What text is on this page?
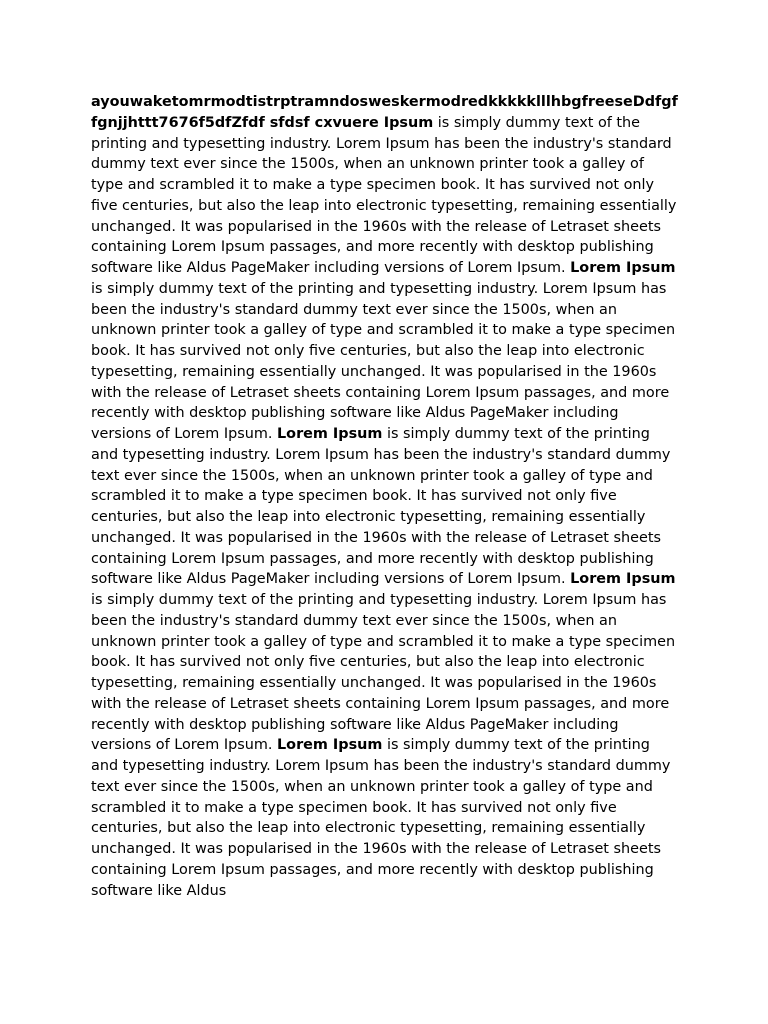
ayouwaketomrmodtistrptramndosweskermodredkkkkklllhbgfreeseDdfgffgnjjhttt7676f5dfZfdf sfdsf cxvuere Ipsum is simply dummy text of the printing and typesetting industry. Lorem Ipsum has been the industry's standard dummy text ever since the 1500s, when an unknown printer took a galley of type and scrambled it to make a type specimen book. It has survived not only five centuries, but also the leap into electronic typesetting, remaining essentially unchanged. It was popularised in the 1960s with the release of Letraset sheets containing Lorem Ipsum passages, and more recently with desktop publishing software like Aldus PageMaker including versions of Lorem Ipsum. Lorem Ipsum is simply dummy text of the printing and typesetting industry. Lorem Ipsum has been the industry's standard dummy text ever since the 1500s, when an unknown printer took a galley of type and scrambled it to make a type specimen book. It has survived not only five centuries, but also the leap into electronic typesetting, remaining essentially unchanged. It was popularised in the 1960s with the release of Letraset sheets containing Lorem Ipsum passages, and more recently with desktop publishing software like Aldus PageMaker including versions of Lorem Ipsum. Lorem Ipsum is simply dummy text of the printing and typesetting industry. Lorem Ipsum has been the industry's standard dummy text ever since the 1500s, when an unknown printer took a galley of type and scrambled it to make a type specimen book. It has survived not only five centuries, but also the leap into electronic typesetting, remaining essentially unchanged. It was popularised in the 1960s with the release of Letraset sheets containing Lorem Ipsum passages, and more recently with desktop publishing software like Aldus PageMaker including versions of Lorem Ipsum. Lorem Ipsum is simply dummy text of the printing and typesetting industry. Lorem Ipsum has been the industry's standard dummy text ever since the 1500s, when an unknown printer took a galley of type and scrambled it to make a type specimen book. It has survived not only five centuries, but also the leap into electronic typesetting, remaining essentially unchanged. It was popularised in the 1960s with the release of Letraset sheets containing Lorem Ipsum passages, and more recently with desktop publishing software like Aldus PageMaker including versions of Lorem Ipsum. Lorem Ipsum is simply dummy text of the printing and typesetting industry. Lorem Ipsum has been the industry's standard dummy text ever since the 1500s, when an unknown printer took a galley of type and scrambled it to make a type specimen book. It has survived not only five centuries, but also the leap into electronic typesetting, remaining essentially unchanged. It was popularised in the 1960s with the release of Letraset sheets containing Lorem Ipsum passages, and more recently with desktop publishing software like Aldus
